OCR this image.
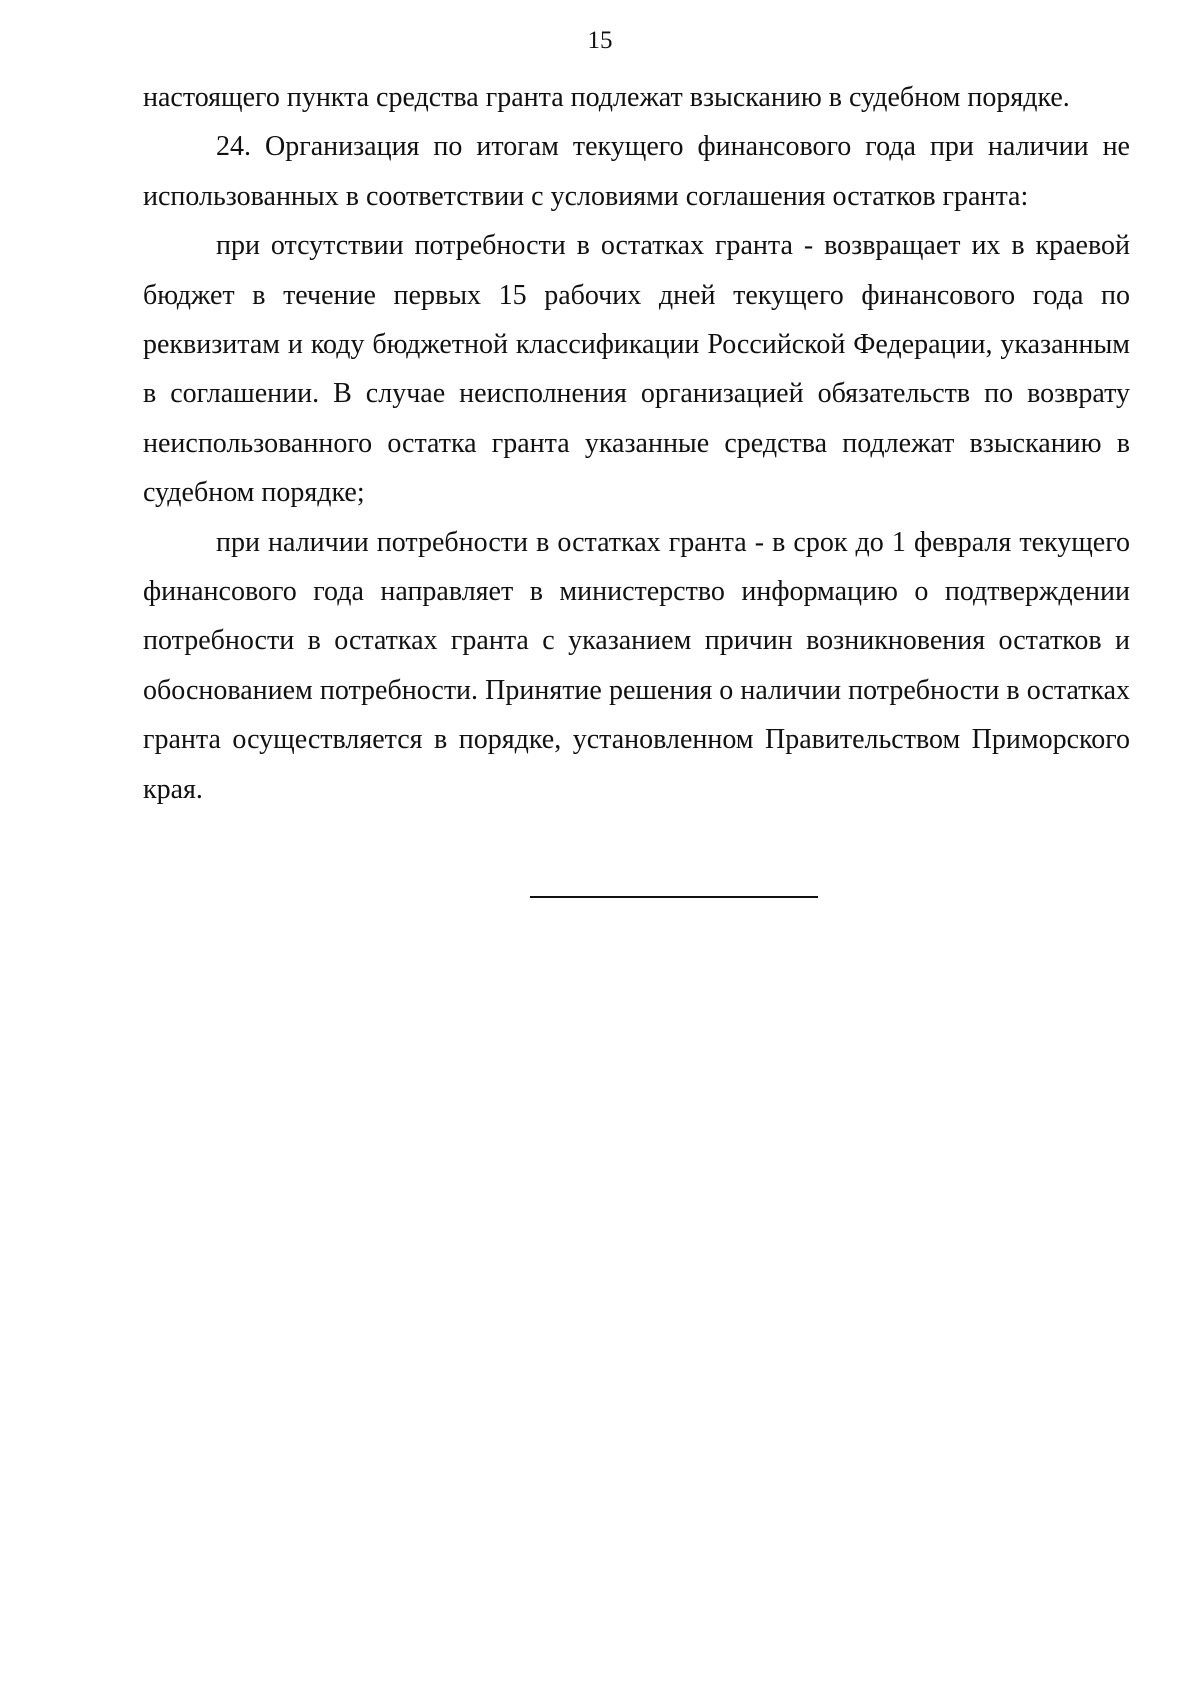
15

настоящего пункта средства гранта подлежат взысканию в судебном порядке.

24. Организация по итогам текущего финансового года при наличии не использованных в соответствии с условиями соглашения остатков гранта:

при отсутствии потребности в остатках гранта - возвращает их в краевой бюджет в течение первых 15 рабочих дней текущего финансового года по реквизитам и коду бюджетной классификации Российской Федерации, указанным в соглашении. В случае неисполнения организацией обязательств по возврату неиспользованного остатка гранта указанные средства подлежат взысканию в судебном порядке;

при наличии потребности в остатках гранта - в срок до 1 февраля текущего финансового года направляет в министерство информацию о подтверждении потребности в остатках гранта с указанием причин возникновения остатков и обоснованием потребности. Принятие решения о наличии потребности в остатках гранта осуществляется в порядке, установленном Правительством Приморского края.
